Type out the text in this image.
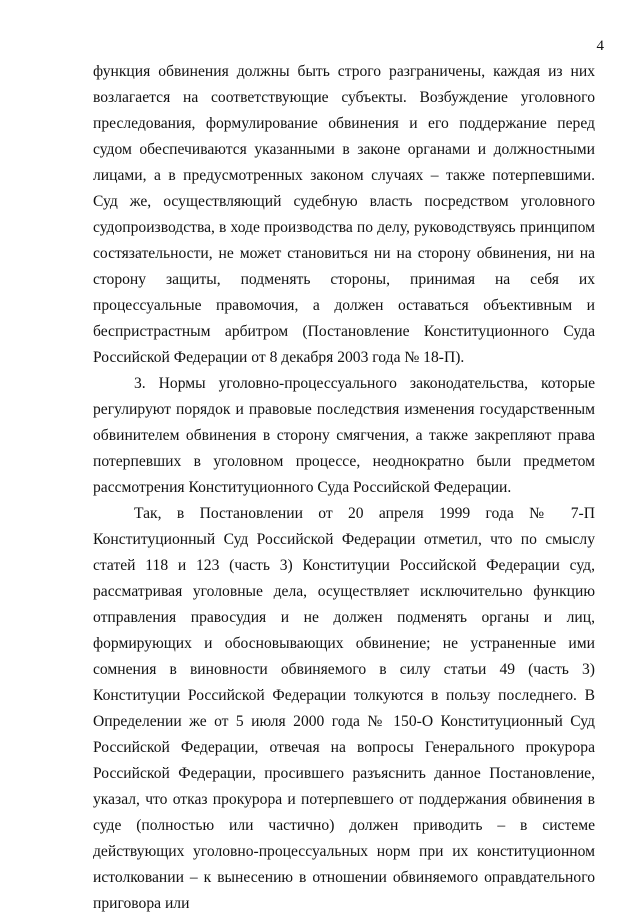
4

функция обвинения должны быть строго разграничены, каждая из них возлагается на соответствующие субъекты. Возбуждение уголовного преследования, формулирование обвинения и его поддержание перед судом обеспечиваются указанными в законе органами и должностными лицами, а в предусмотренных законом случаях – также потерпевшими. Суд же, осуществляющий судебную власть посредством уголовного судопроизводства, в ходе производства по делу, руководствуясь принципом состязательности, не может становиться ни на сторону обвинения, ни на сторону защиты, подменять стороны, принимая на себя их процессуальные правомочия, а должен оставаться объективным и беспристрастным арбитром (Постановление Конституционного Суда Российской Федерации от 8 декабря 2003 года № 18-П).

3. Нормы уголовно-процессуального законодательства, которые регулируют порядок и правовые последствия изменения государственным обвинителем обвинения в сторону смягчения, а также закрепляют права потерпевших в уголовном процессе, неоднократно были предметом рассмотрения Конституционного Суда Российской Федерации.

Так, в Постановлении от 20 апреля 1999 года № 7-П Конституционный Суд Российской Федерации отметил, что по смыслу статей 118 и 123 (часть 3) Конституции Российской Федерации суд, рассматривая уголовные дела, осуществляет исключительно функцию отправления правосудия и не должен подменять органы и лиц, формирующих и обосновывающих обвинение; не устраненные ими сомнения в виновности обвиняемого в силу статьи 49 (часть 3) Конституции Российской Федерации толкуются в пользу последнего. В Определении же от 5 июля 2000 года № 150-О Конституционный Суд Российской Федерации, отвечая на вопросы Генерального прокурора Российской Федерации, просившего разъяснить данное Постановление, указал, что отказ прокурора и потерпевшего от поддержания обвинения в суде (полностью или частично) должен приводить – в системе действующих уголовно-процессуальных норм при их конституционном истолковании – к вынесению в отношении обвиняемого оправдательного приговора или
